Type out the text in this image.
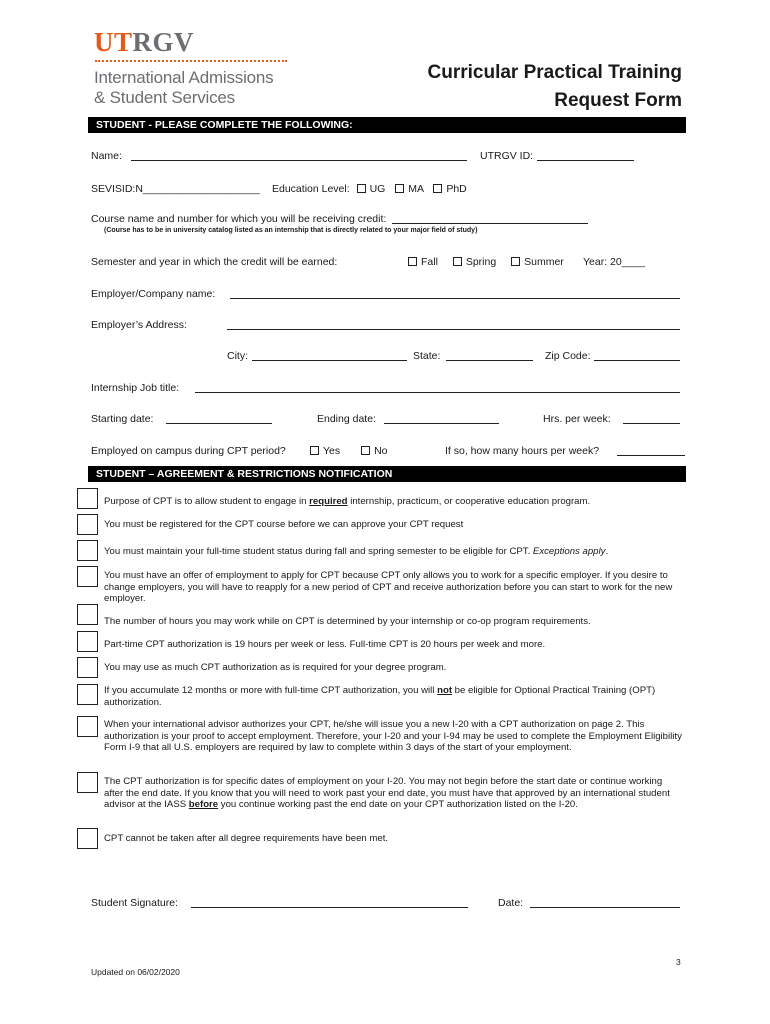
UTRGV
International Admissions
& Student Services
Curricular Practical Training
Request Form
STUDENT - PLEASE COMPLETE THE FOLLOWING:
Name:	UTRGV ID:
SEVISID:N____________________ Education Level: UG MA PhD
Course name and number for which you will be receiving credit:
(Course has to be in university catalog listed as an internship that is directly related to your major field of study)
Semester and year in which the credit will be earned:	Fall	Spring	Summer Year: 20____
Employer/Company name:
Employer’s Address:
City:	State:	Zip Code:
Internship Job title:
Starting date:	Ending date:	Hrs. per week:
Employed on campus during CPT period?	Yes	No	If so, how many hours per week?
STUDENT – AGREEMENT & RESTRICTIONS NOTIFICATION
Purpose of CPT is to allow student to engage in required internship, practicum, or cooperative education program.
You must be registered for the CPT course before we can approve your CPT request
You must maintain your full-time student status during fall and spring semester to be eligible for CPT. Exceptions apply.
You must have an offer of employment to apply for CPT because CPT only allows you to work for a specific employer. If you desire to change employers, you will have to reapply for a new period of CPT and receive authorization before you can start to work for the new employer.
The number of hours you may work while on CPT is determined by your internship or co-op program requirements.
Part-time CPT authorization is 19 hours per week or less. Full-time CPT is 20 hours per week and more.
You may use as much CPT authorization as is required for your degree program.
If you accumulate 12 months or more with full-time CPT authorization, you will not be eligible for Optional Practical Training (OPT) authorization.
When your international advisor authorizes your CPT, he/she will issue you a new I-20 with a CPT authorization on page 2. This authorization is your proof to accept employment. Therefore, your I-20 and your I-94 may be used to complete the Employment Eligibility Form I-9 that all U.S. employers are required by law to complete within 3 days of the start of your employment.
The CPT authorization is for specific dates of employment on your I-20. You may not begin before the start date or continue working after the end date. If you know that you will need to work past your end date, you must have that approved by an international student advisor at the IASS before you continue working past the end date on your CPT authorization listed on the I-20.
CPT cannot be taken after all degree requirements have been met.
Student Signature:	Date:
3
Updated on 06/02/2020
